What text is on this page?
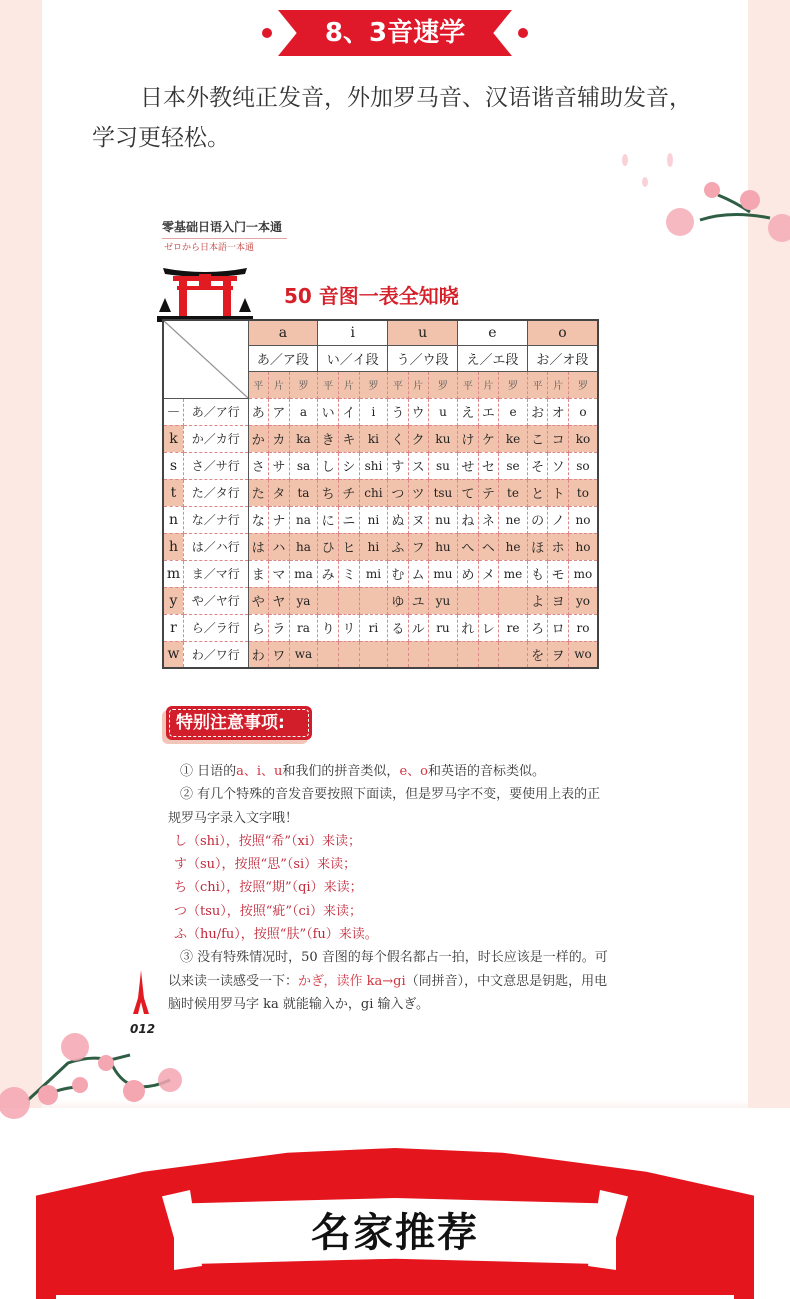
8、3音速学
日本外教纯正发音，外加罗马音、汉语谐音辅助发音，学习更轻松。
零基础日语入门一本通
ゼロから日本語一本通
50 音图一表全知晓
		a			i			u			e			o		
		あ／ア段			い／イ段			う／ウ段			え／エ段			お／オ段		
		平	片	罗	平	片	罗	平	片	罗	平	片	罗	平	片	罗
－	あ／ア行	あ	ア	a	い	イ	i	う	ウ	u	え	エ	e	お	オ	o
k	か／カ行	か	カ	ka	き	キ	ki	く	ク	ku	け	ケ	ke	こ	コ	ko
s	さ／サ行	さ	サ	sa	し	シ	shi	す	ス	su	せ	セ	se	そ	ソ	so
t	た／タ行	た	タ	ta	ち	チ	chi	つ	ツ	tsu	て	テ	te	と	ト	to
n	な／ナ行	な	ナ	na	に	ニ	ni	ぬ	ヌ	nu	ね	ネ	ne	の	ノ	no
h	は／ハ行	は	ハ	ha	ひ	ヒ	hi	ふ	フ	hu	へ	ヘ	he	ほ	ホ	ho
m	ま／マ行	ま	マ	ma	み	ミ	mi	む	ム	mu	め	メ	me	も	モ	mo
y	や／ヤ行	や	ヤ	ya				ゆ	ユ	yu				よ	ヨ	yo
r	ら／ラ行	ら	ラ	ra	り	リ	ri	る	ル	ru	れ	レ	re	ろ	ロ	ro
w	わ／ワ行	わ	ワ	wa										を	ヲ	wo
特别注意事项:

① 日语的a、i、u和我们的拼音类似，e、o和英语的音标类似。

② 有几个特殊的音发音要按照下面读，但是罗马字不变，要使用上表的正规罗马字录入文字哦！

し（shi），按照“希”（xi）来读；

す（su），按照“思”（si）来读；

ち（chi），按照“期”（qi）来读；

つ（tsu），按照“疵”（ci）来读；

ふ（hu/fu），按照“肤”（fu）来读。

③ 没有特殊情况时，50 音图的每个假名都占一拍，时长应该是一样的。可以来读一读感受一下：かぎ，读作 ka→gi（同拼音），中文意思是钥匙，用电脑时候用罗马字 ka 就能输入か，gi 输入ぎ。

012
名家推荐
